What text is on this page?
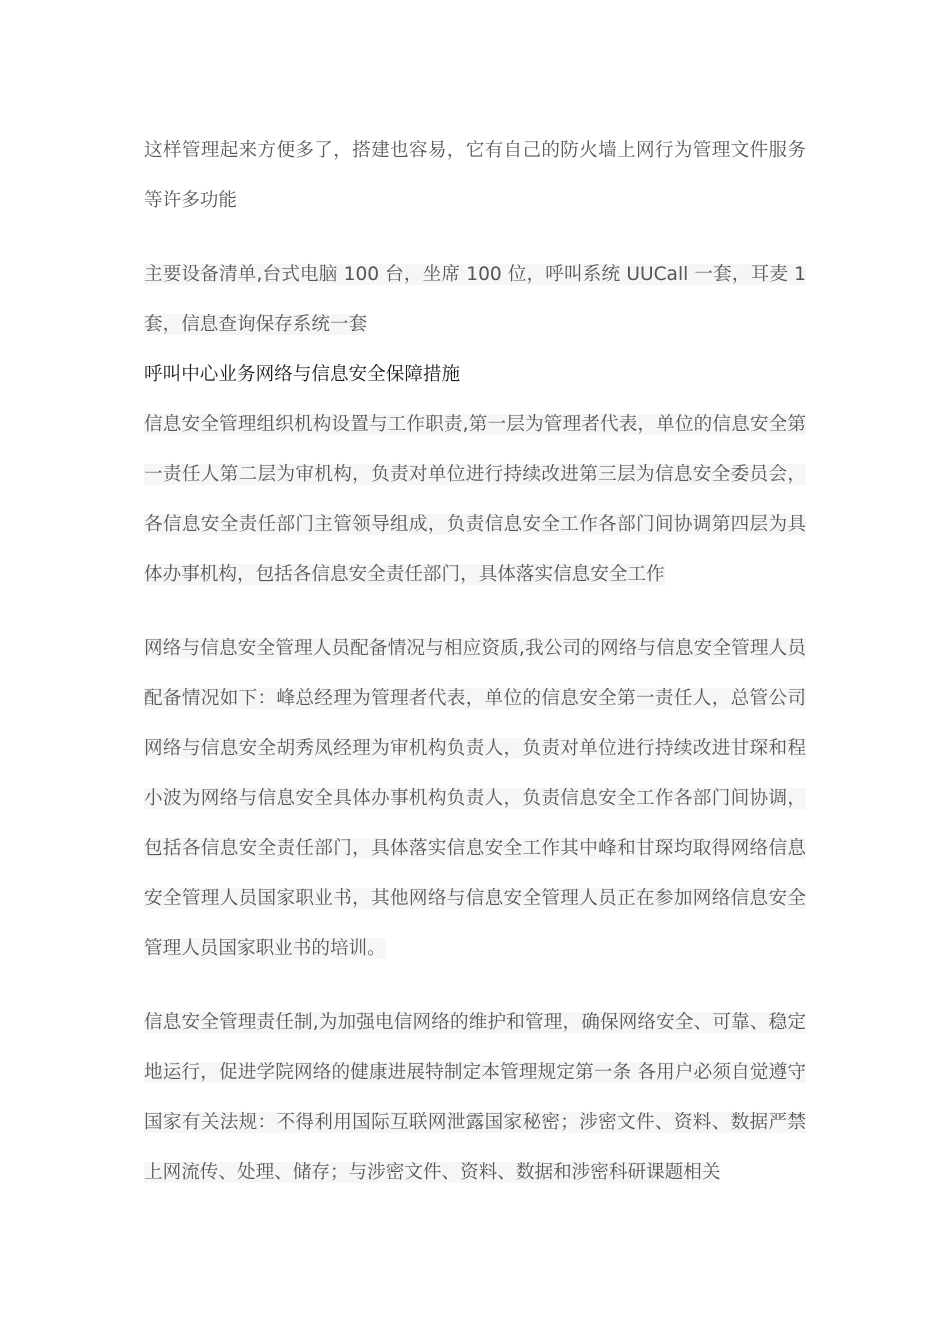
这样管理起来方便多了，搭建也容易，它有自己的防火墙上网行为管理文件服务等许多功能

主要设备清单,台式电脑 100 台，坐席 100 位，呼叫系统 UUCall 一套，耳麦 1 套，信息查询保存系统一套

呼叫中心业务网络与信息安全保障措施

信息安全管理组织机构设置与工作职责,第一层为管理者代表，单位的信息安全第一责任人第二层为审机构，负责对单位进行持续改进第三层为信息安全委员会，各信息安全责任部门主管领导组成，负责信息安全工作各部门间协调第四层为具体办事机构，包括各信息安全责任部门，具体落实信息安全工作

网络与信息安全管理人员配备情况与相应资质,我公司的网络与信息安全管理人员配备情况如下：峰总经理为管理者代表，单位的信息安全第一责任人，总管公司网络与信息安全胡秀凤经理为审机构负责人，负责对单位进行持续改进甘琛和程小波为网络与信息安全具体办事机构负责人，负责信息安全工作各部门间协调，包括各信息安全责任部门，具体落实信息安全工作其中峰和甘琛均取得网络信息安全管理人员国家职业书，其他网络与信息安全管理人员正在参加网络信息安全管理人员国家职业书的培训。

信息安全管理责任制,为加强电信网络的维护和管理，确保网络安全、可靠、稳定地运行，促进学院网络的健康进展特制定本管理规定第一条 各用户必须自觉遵守国家有关法规：不得利用国际互联网泄露国家秘密；涉密文件、资料、数据严禁上网流传、处理、储存；与涉密文件、资料、数据和涉密科研课题相关
